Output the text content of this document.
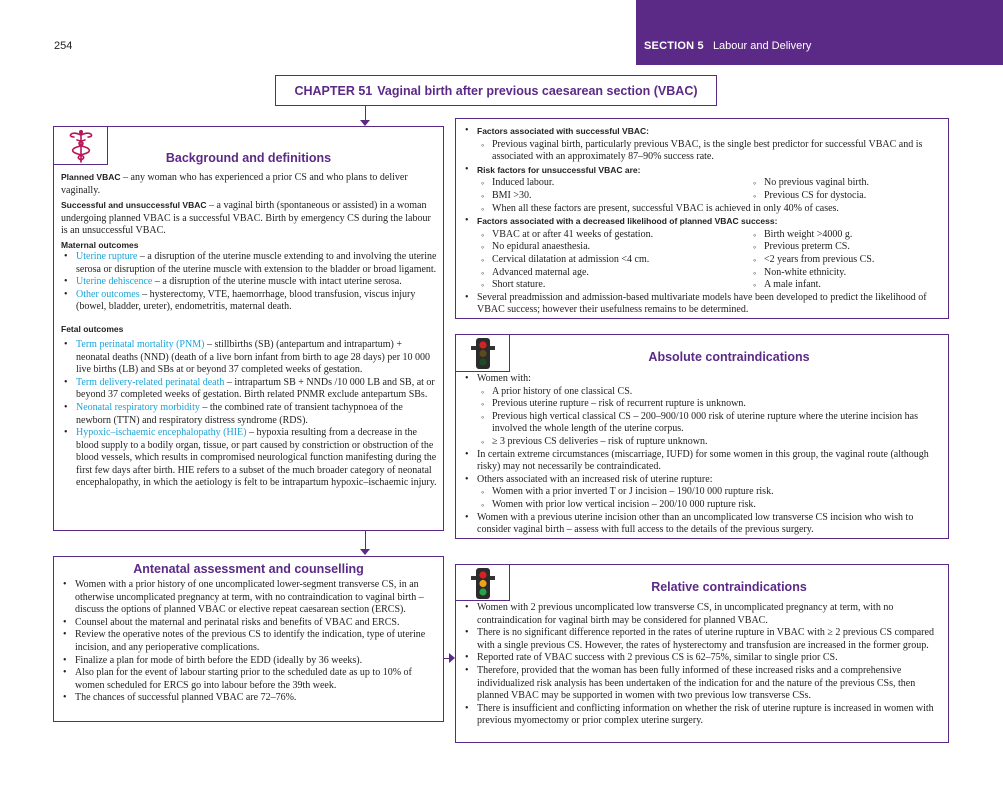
254	SECTION 5 Labour and Delivery
CHAPTER 51 Vaginal birth after previous caesarean section (VBAC)
Background and definitions

Planned VBAC – any woman who has experienced a prior CS and who plans to deliver vaginally.

Successful and unsuccessful VBAC – a vaginal birth (spontaneous or assisted) in a woman undergoing planned VBAC is a successful VBAC. Birth by emergency CS during the labour is an unsuccessful VBAC.

Maternal outcomes
• Uterine rupture – a disruption of the uterine muscle extending to and involving the uterine serosa or disruption of the uterine muscle with extension to the bladder or broad ligament.
• Uterine dehiscence – a disruption of the uterine muscle with intact uterine serosa.
• Other outcomes – hysterectomy, VTE, haemorrhage, blood transfusion, viscus injury (bowel, bladder, ureter), endometritis, maternal death.
Fetal outcomes
• Term perinatal mortality (PNM) – stillbirths (SB) (antepartum and intrapartum) + neonatal deaths (NND) (death of a live born infant from birth to age 28 days) per 10 000 live births (LB) and SBs at or beyond 37 completed weeks of gestation.
• Term delivery-related perinatal death – intrapartum SB + NNDs /10 000 LB and SB, at or beyond 37 completed weeks of gestation. Birth related PNMR exclude antepartum SBs.
• Neonatal respiratory morbidity – the combined rate of transient tachypnoea of the newborn (TTN) and respiratory distress syndrome (RDS).
• Hypoxic–ischaemic encephalopathy (HIE) – hypoxia resulting from a decrease in the blood supply to a bodily organ, tissue, or part caused by constriction or obstruction of the blood vessels, which results in compromised neurological function manifesting during the first few days after birth. HIE refers to a subset of the much broader category of neonatal encephalopathy, in which the aetiology is felt to be intrapartum hypoxic–ischaemic injury.
Antenatal assessment and counselling
• Women with a prior history of one uncomplicated lower-segment transverse CS, in an otherwise uncomplicated pregnancy at term, with no contraindication to vaginal birth – discuss the options of planned VBAC or elective repeat caesarean section (ERCS).
• Counsel about the maternal and perinatal risks and benefits of VBAC and ERCS.
• Review the operative notes of the previous CS to identify the indication, type of uterine incision, and any perioperative complications.
• Finalize a plan for mode of birth before the EDD (ideally by 36 weeks).
• Also plan for the event of labour starting prior to the scheduled date as up to 10% of women scheduled for ERCS go into labour before the 39th week.
• The chances of successful planned VBAC are 72–76%.
• Factors associated with successful VBAC:
◦ Previous vaginal birth, particularly previous VBAC, is the single best predictor for successful VBAC and is associated with an approximately 87–90% success rate.
• Risk factors for unsuccessful VBAC are:
◦ Induced labour.
◦ BMI >30.
◦ No previous vaginal birth.
◦ Previous CS for dystocia.
◦ When all these factors are present, successful VBAC is achieved in only 40% of cases.
• Factors associated with a decreased likelihood of planned VBAC success:
◦ VBAC at or after 41 weeks of gestation.
◦ No epidural anaesthesia.
◦ Cervical dilatation at admission <4 cm.
◦ Advanced maternal age.
◦ Short stature.
◦ Birth weight >4000 g.
◦ Previous preterm CS.
◦ <2 years from previous CS.
◦ Non-white ethnicity.
◦ A male infant.
• Several preadmission and admission-based multivariate models have been developed to predict the likelihood of VBAC success; however their usefulness remains to be determined.
Absolute contraindications
• Women with:
◦ A prior history of one classical CS.
◦ Previous uterine rupture – risk of recurrent rupture is unknown.
◦ Previous high vertical classical CS – 200–900/10 000 risk of uterine rupture where the uterine incision has involved the whole length of the uterine corpus.
◦ ≥ 3 previous CS deliveries – risk of rupture unknown.
• In certain extreme circumstances (miscarriage, IUFD) for some women in this group, the vaginal route (although risky) may not necessarily be contraindicated.
• Others associated with an increased risk of uterine rupture:
◦ Women with a prior inverted T or J incision – 190/10 000 rupture risk.
◦ Women with prior low vertical incision – 200/10 000 rupture risk.
• Women with a previous uterine incision other than an uncomplicated low transverse CS incision who wish to consider vaginal birth – assess with full access to the details of the previous surgery.
Relative contraindications
• Women with 2 previous uncomplicated low transverse CS, in uncomplicated pregnancy at term, with no contraindication for vaginal birth may be considered for planned VBAC.
• There is no significant difference reported in the rates of uterine rupture in VBAC with ≥ 2 previous CS compared with a single previous CS. However, the rates of hysterectomy and transfusion are increased in the former group.
• Reported rate of VBAC success with 2 previous CS is 62–75%, similar to single prior CS.
• Therefore, provided that the woman has been fully informed of these increased risks and a comprehensive individualized risk analysis has been undertaken of the indication for and the nature of the previous CSs, then planned VBAC may be supported in women with two previous low transverse CSs.
• There is insufficient and conflicting information on whether the risk of uterine rupture is increased in women with previous myomectomy or prior complex uterine surgery.
